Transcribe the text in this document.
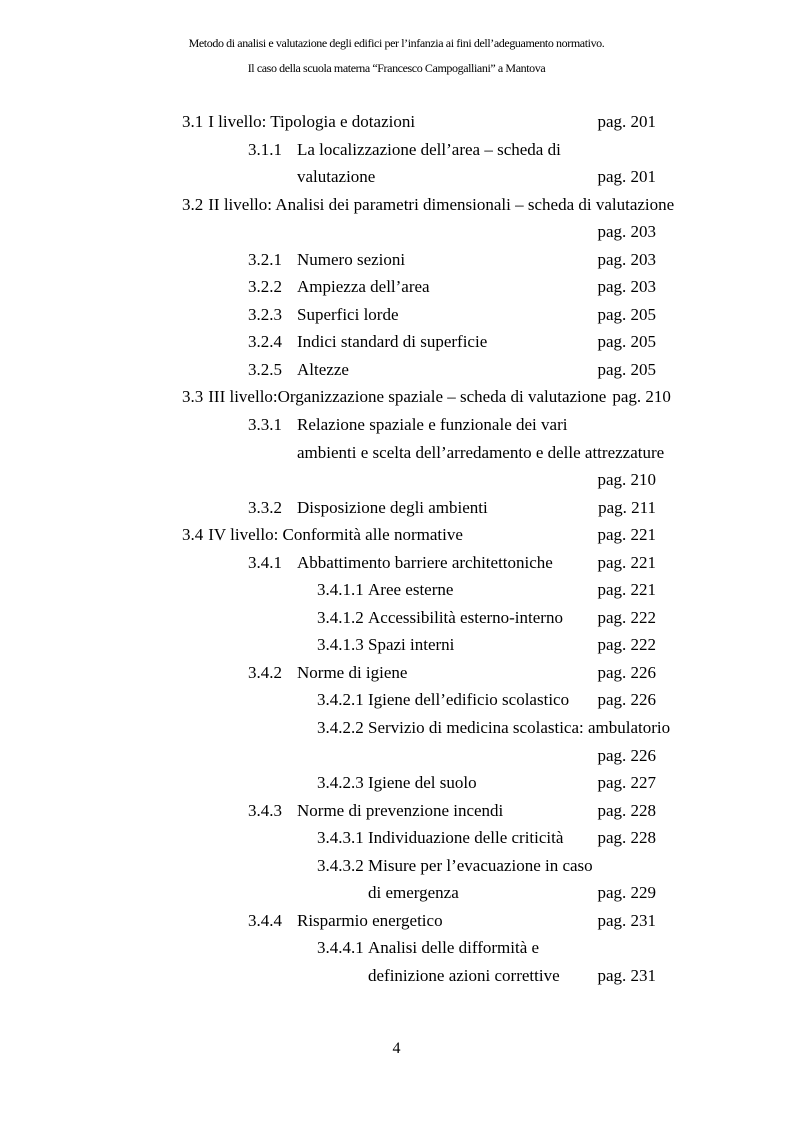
Metodo di analisi e valutazione degli edifici per l’infanzia ai fini dell’adeguamento normativo.
Il caso della scuola materna “Francesco Campogalliani” a Mantova
3.1 I livello: Tipologia e dotazioni	pag. 201
3.1.1 La localizzazione dell’area – scheda di
valutazione	pag. 201
3.2 II livello: Analisi dei parametri dimensionali – scheda di valutazione
pag. 203
3.2.1 Numero sezioni	pag. 203
3.2.2 Ampiezza dell’area	pag. 203
3.2.3 Superfici lorde	pag. 205
3.2.4 Indici standard di superficie	pag. 205
3.2.5 Altezze	pag. 205
3.3 III livello:Organizzazione spaziale – scheda di valutazione pag. 210
3.3.1 Relazione spaziale e funzionale dei vari
ambienti e scelta dell’arredamento e delle attrezzature
pag. 210
3.3.2 Disposizione degli ambienti	pag. 211
3.4 IV livello: Conformità alle normative	pag. 221
3.4.1 Abbattimento barriere architettoniche	pag. 221
3.4.1.1 Aree esterne	pag. 221
3.4.1.2 Accessibilità esterno-interno	pag. 222
3.4.1.3 Spazi interni	pag. 222
3.4.2 Norme di igiene	pag. 226
3.4.2.1 Igiene dell’edificio scolastico	pag. 226
3.4.2.2 Servizio di medicina scolastica: ambulatorio
pag. 226
3.4.2.3 Igiene del suolo	pag. 227
3.4.3 Norme di prevenzione incendi	pag. 228
3.4.3.1 Individuazione delle criticità	pag. 228
3.4.3.2 Misure per l’evacuazione in caso
di emergenza	pag. 229
3.4.4 Risparmio energetico	pag. 231
3.4.4.1 Analisi delle difformità e
definizione azioni correttive	pag. 231
4
